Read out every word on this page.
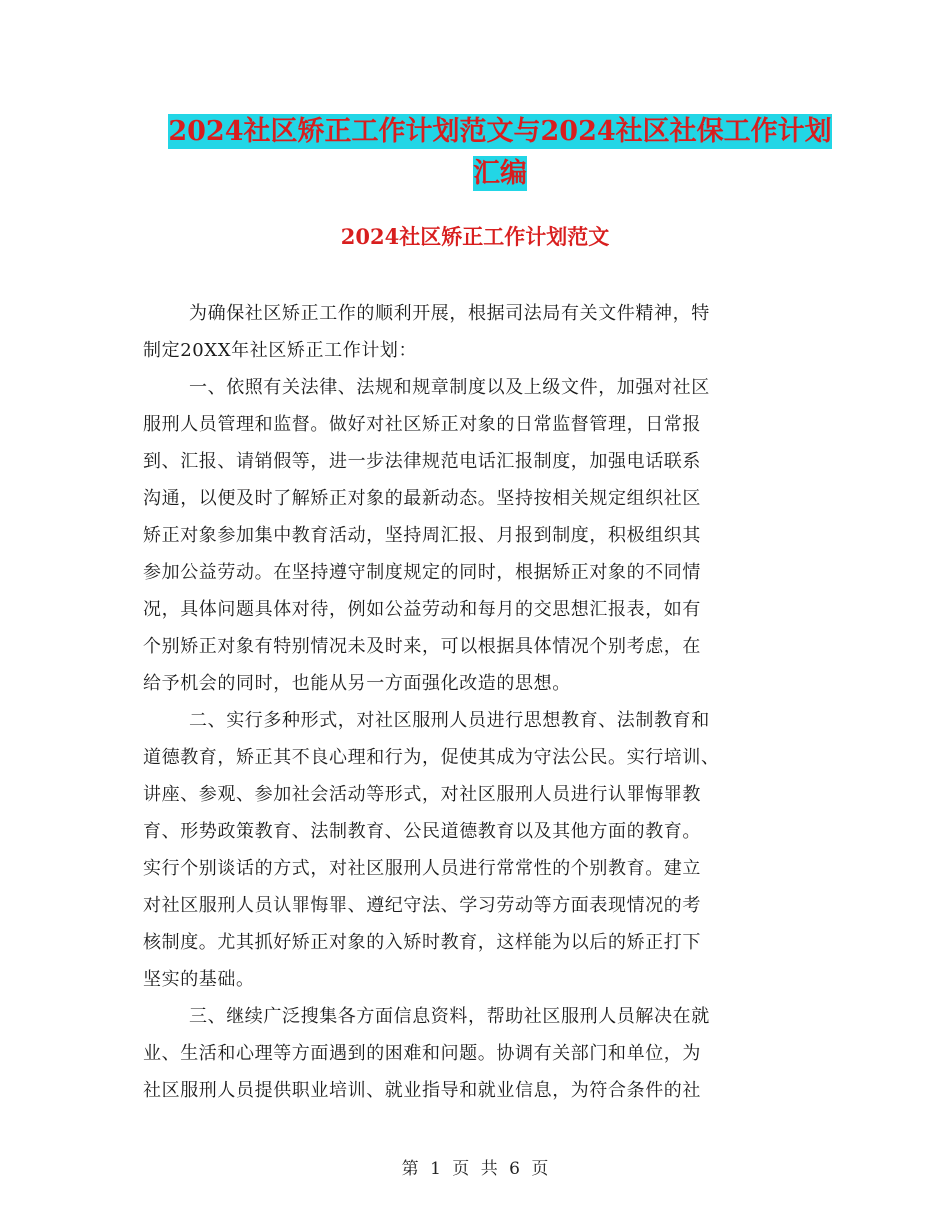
2024社区矫正工作计划范文与2024社区社保工作计划
汇编
2024社区矫正工作计划范文
为确保社区矫正工作的顺利开展，根据司法局有关文件精神，特
制定20XX年社区矫正工作计划：
一、依照有关法律、法规和规章制度以及上级文件，加强对社区
服刑人员管理和监督。做好对社区矫正对象的日常监督管理，日常报
到、汇报、请销假等，进一步法律规范电话汇报制度，加强电话联系
沟通，以便及时了解矫正对象的最新动态。坚持按相关规定组织社区
矫正对象参加集中教育活动，坚持周汇报、月报到制度，积极组织其
参加公益劳动。在坚持遵守制度规定的同时，根据矫正对象的不同情
况，具体问题具体对待，例如公益劳动和每月的交思想汇报表，如有
个别矫正对象有特别情况未及时来，可以根据具体情况个别考虑，在
给予机会的同时，也能从另一方面强化改造的思想。
二、实行多种形式，对社区服刑人员进行思想教育、法制教育和
道德教育，矫正其不良心理和行为，促使其成为守法公民。实行培训、
讲座、参观、参加社会活动等形式，对社区服刑人员进行认罪悔罪教
育、形势政策教育、法制教育、公民道德教育以及其他方面的教育。
实行个别谈话的方式，对社区服刑人员进行常常性的个别教育。建立
对社区服刑人员认罪悔罪、遵纪守法、学习劳动等方面表现情况的考
核制度。尤其抓好矫正对象的入矫时教育，这样能为以后的矫正打下
坚实的基础。
三、继续广泛搜集各方面信息资料，帮助社区服刑人员解决在就
业、生活和心理等方面遇到的困难和问题。协调有关部门和单位，为
社区服刑人员提供职业培训、就业指导和就业信息，为符合条件的社
第 1 页 共 6 页
